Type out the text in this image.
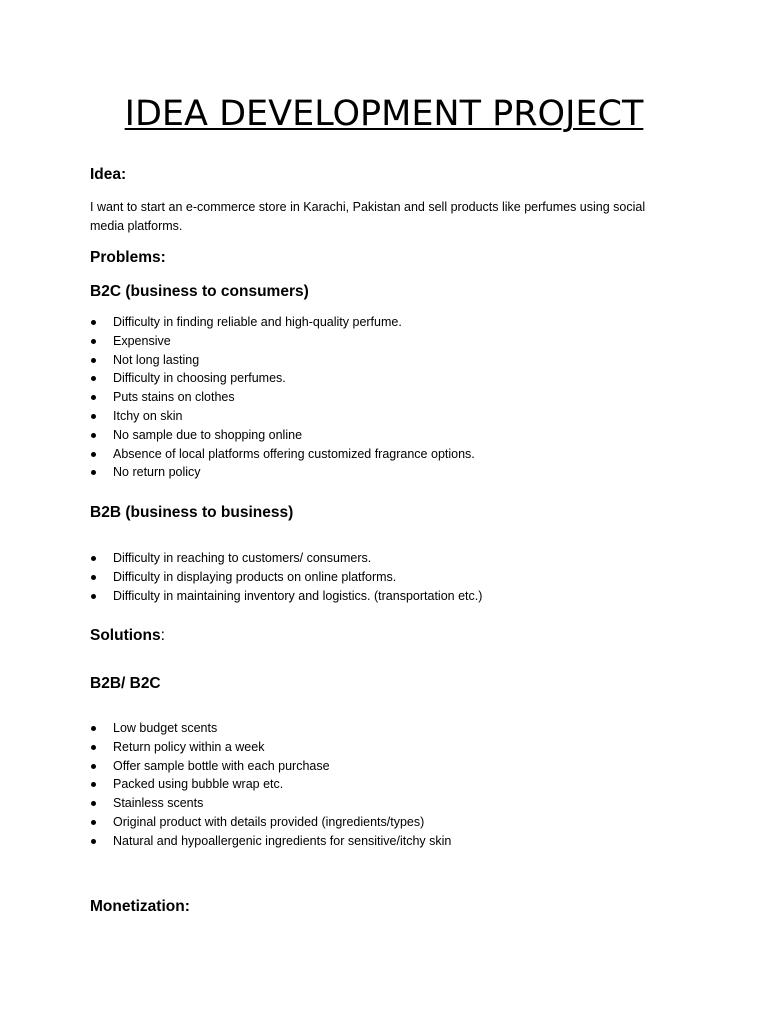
IDEA DEVELOPMENT PROJECT
Idea:

I want to start an e-commerce store in Karachi, Pakistan and sell products like perfumes using social media platforms.

Problems:
B2C (business to consumers)
Difficulty in finding reliable and high-quality perfume.
Expensive
Not long lasting
Difficulty in choosing perfumes.
Puts stains on clothes
Itchy on skin
No sample due to shopping online
Absence of local platforms offering customized fragrance options.
No return policy
B2B (business to business)
Difficulty in reaching to customers/ consumers.
Difficulty in displaying products on online platforms.
Difficulty in maintaining inventory and logistics. (transportation etc.)
Solutions:
B2B/ B2C
Low budget scents
Return policy within a week
Offer sample bottle with each purchase
Packed using bubble wrap etc.
Stainless scents
Original product with details provided (ingredients/types)
Natural and hypoallergenic ingredients for sensitive/itchy skin
Monetization:
